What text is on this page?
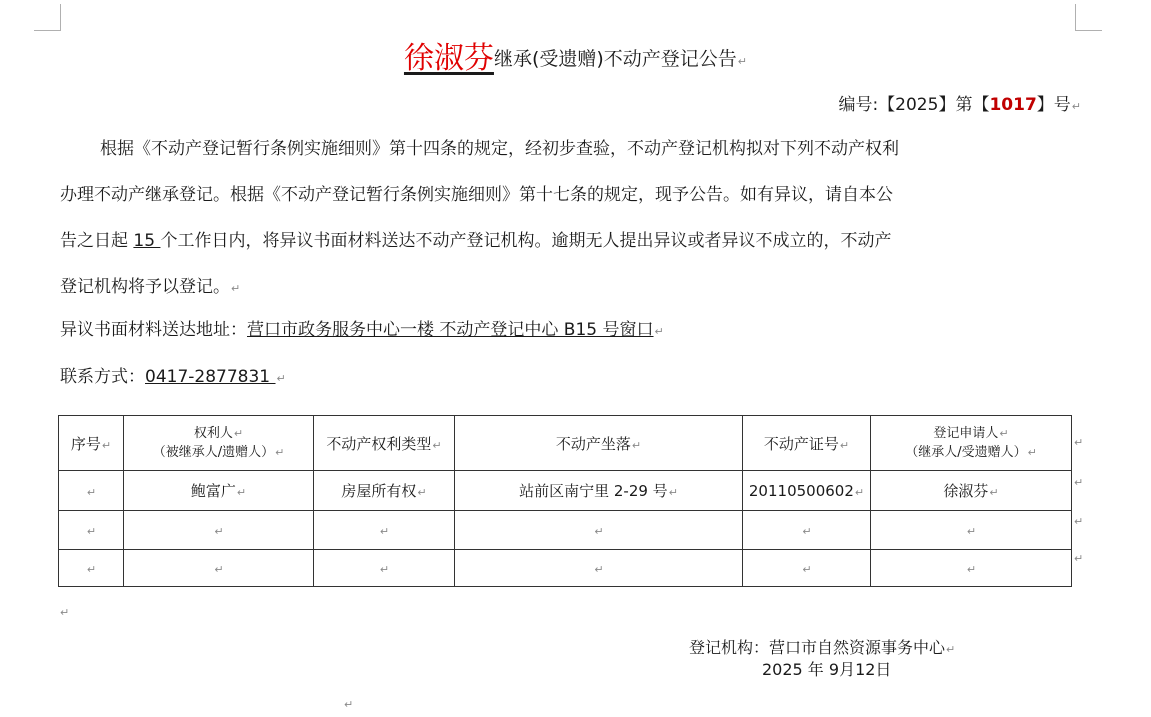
徐淑芬继承(受遗赠)不动产登记公告↵
编号:【2025】第【1017】号↵
根据《不动产登记暂行条例实施细则》第十四条的规定，经初步查验，不动产登记机构拟对下列不动产权利
办理不动产继承登记。根据《不动产登记暂行条例实施细则》第十七条的规定，现予公告。如有异议，请自本公
告之日起 15 个工作日内，将异议书面材料送达不动产登记机构。逾期无人提出异议或者异议不成立的，不动产
登记机构将予以登记。↵
异议书面材料送达地址：营口市政务服务中心一楼 不动产登记中心 B15 号窗口↵
联系方式：0417-2877831 ↵
序号↵	权利人↵
（被继承人/遗赠人）↵	不动产权利类型↵	不动产坐落↵	不动产证号↵	登记申请人↵
（继承人/受遗赠人）↵
↵	鲍富广↵	房屋所有权↵	站前区南宁里 2-29 号↵	20110500602↵	徐淑芬↵
↵	↵	↵	↵	↵	↵
↵	↵	↵	↵	↵	↵
↵
↵
↵
↵
↵
登记机构：营口市自然资源事务中心↵
2025 年 9月12日
↵
